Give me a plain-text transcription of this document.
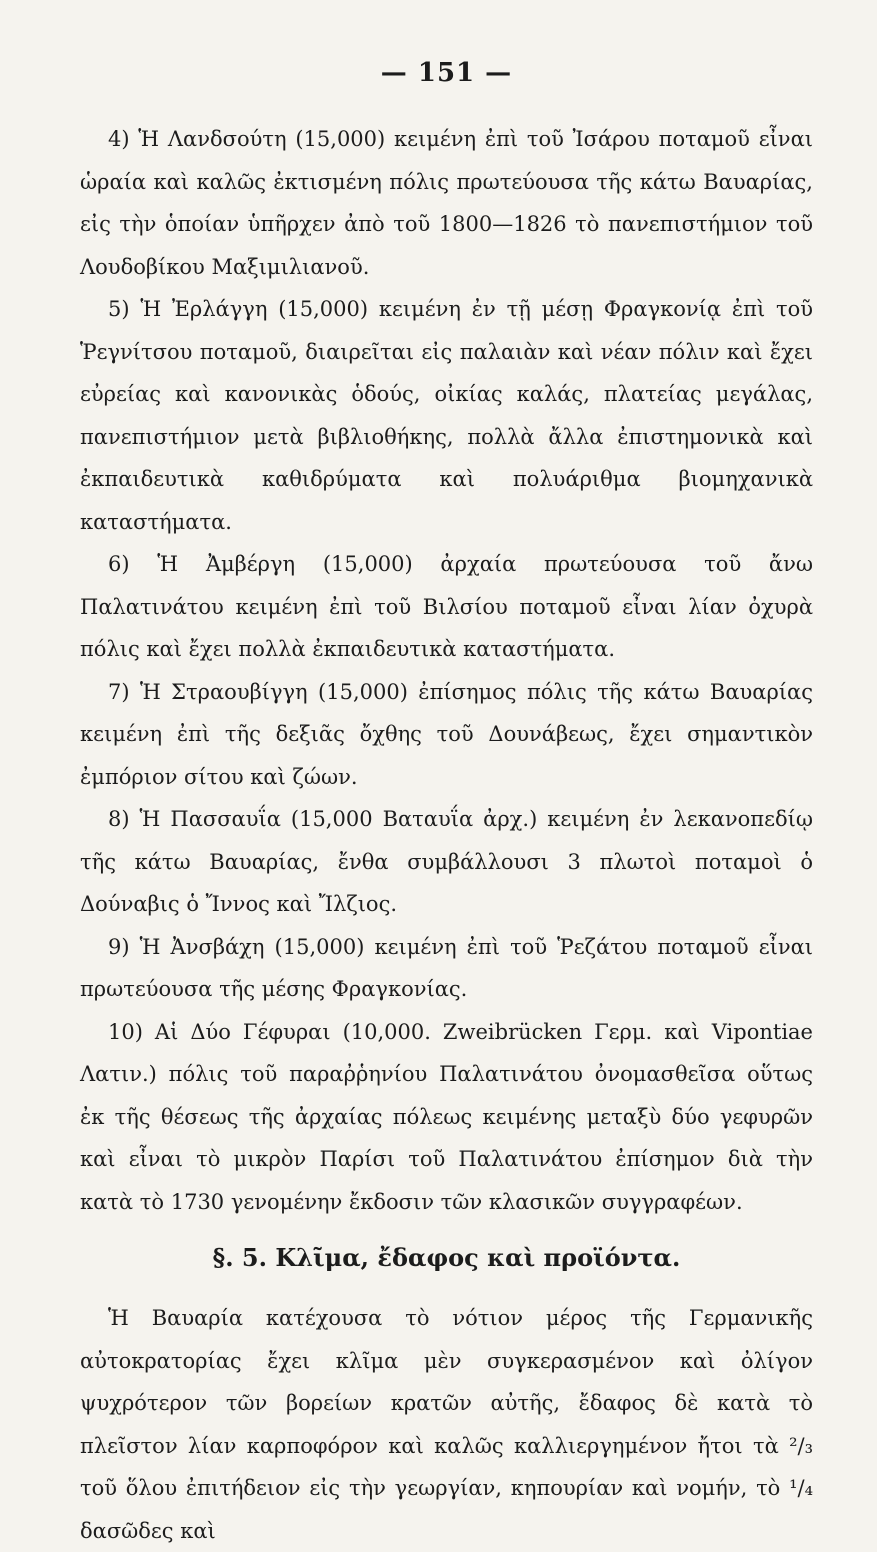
— 151 —

4) Ἡ Λανδσούτη (15,000) κειμένη ἐπὶ τοῦ Ἰσάρου ποταμοῦ εἶναι ὡραία καὶ καλῶς ἐκτισμένη πόλις πρωτεύουσα τῆς κάτω Βαυαρίας, εἰς τὴν ὁποίαν ὑπῆρχεν ἀπὸ τοῦ 1800—1826 τὸ πανεπιστήμιον τοῦ Λουδοβίκου Μαξιμιλιανοῦ.

5) Ἡ Ἐρλάγγη (15,000) κειμένη ἐν τῇ μέσῃ Φραγκονίᾳ ἐπὶ τοῦ Ῥεγνίτσου ποταμοῦ, διαιρεῖται εἰς παλαιὰν καὶ νέαν πόλιν καὶ ἔχει εὐρείας καὶ κανονικὰς ὁδούς, οἰκίας καλάς, πλατείας μεγάλας, πανεπιστήμιον μετὰ βιβλιοθήκης, πολλὰ ἄλλα ἐπιστημονικὰ καὶ ἐκπαιδευτικὰ καθιδρύματα καὶ πολυάριθμα βιομηχανικὰ καταστήματα.

6) Ἡ Ἀμβέργη (15,000) ἀρχαία πρωτεύουσα τοῦ ἄνω Παλατινάτου κειμένη ἐπὶ τοῦ Βιλσίου ποταμοῦ εἶναι λίαν ὀχυρὰ πόλις καὶ ἔχει πολλὰ ἐκπαιδευτικὰ καταστήματα.

7) Ἡ Στραουβίγγη (15,000) ἐπίσημος πόλις τῆς κάτω Βαυαρίας κειμένη ἐπὶ τῆς δεξιᾶς ὄχθης τοῦ Δουνάβεως, ἔχει σημαντικὸν ἐμπόριον σίτου καὶ ζώων.

8) Ἡ Πασσαυΐα (15,000 Βαταυΐα ἀρχ.) κειμένη ἐν λεκανοπεδίῳ τῆς κάτω Βαυαρίας, ἔνθα συμβάλλουσι 3 πλωτοὶ ποταμοὶ ὁ Δούναβις ὁ Ἴννος καὶ Ἴλζιος.

9) Ἡ Ἀνσβάχη (15,000) κειμένη ἐπὶ τοῦ Ῥεζάτου ποταμοῦ εἶναι πρωτεύουσα τῆς μέσης Φραγκονίας.

10) Αἱ Δύο Γέφυραι (10,000. Zweibrücken Γερμ. καὶ Vipontiae Λατιν.) πόλις τοῦ παραῤῥηνίου Παλατινάτου ὀνομασθεῖσα οὕτως ἐκ τῆς θέσεως τῆς ἀρχαίας πόλεως κειμένης μεταξὺ δύο γεφυρῶν καὶ εἶναι τὸ μικρὸν Παρίσι τοῦ Παλατινάτου ἐπίσημον διὰ τὴν κατὰ τὸ 1730 γενομένην ἔκδοσιν τῶν κλασικῶν συγγραφέων.

§. 5. Κλῖμα, ἔδαφος καὶ προϊόντα.

Ἡ Βαυαρία κατέχουσα τὸ νότιον μέρος τῆς Γερμανικῆς αὐτοκρατορίας ἔχει κλῖμα μὲν συγκερασμένον καὶ ὀλίγον ψυχρότερον τῶν βορείων κρατῶν αὐτῆς, ἔδαφος δὲ κατὰ τὸ πλεῖστον λίαν καρποφόρον καὶ καλῶς καλλιεργημένον ἤτοι τὰ ²/₃ τοῦ ὅλου ἐπιτήδειον εἰς τὴν γεωργίαν, κηπουρίαν καὶ νομήν, τὸ ¹/₄ δασῶδες καὶ
